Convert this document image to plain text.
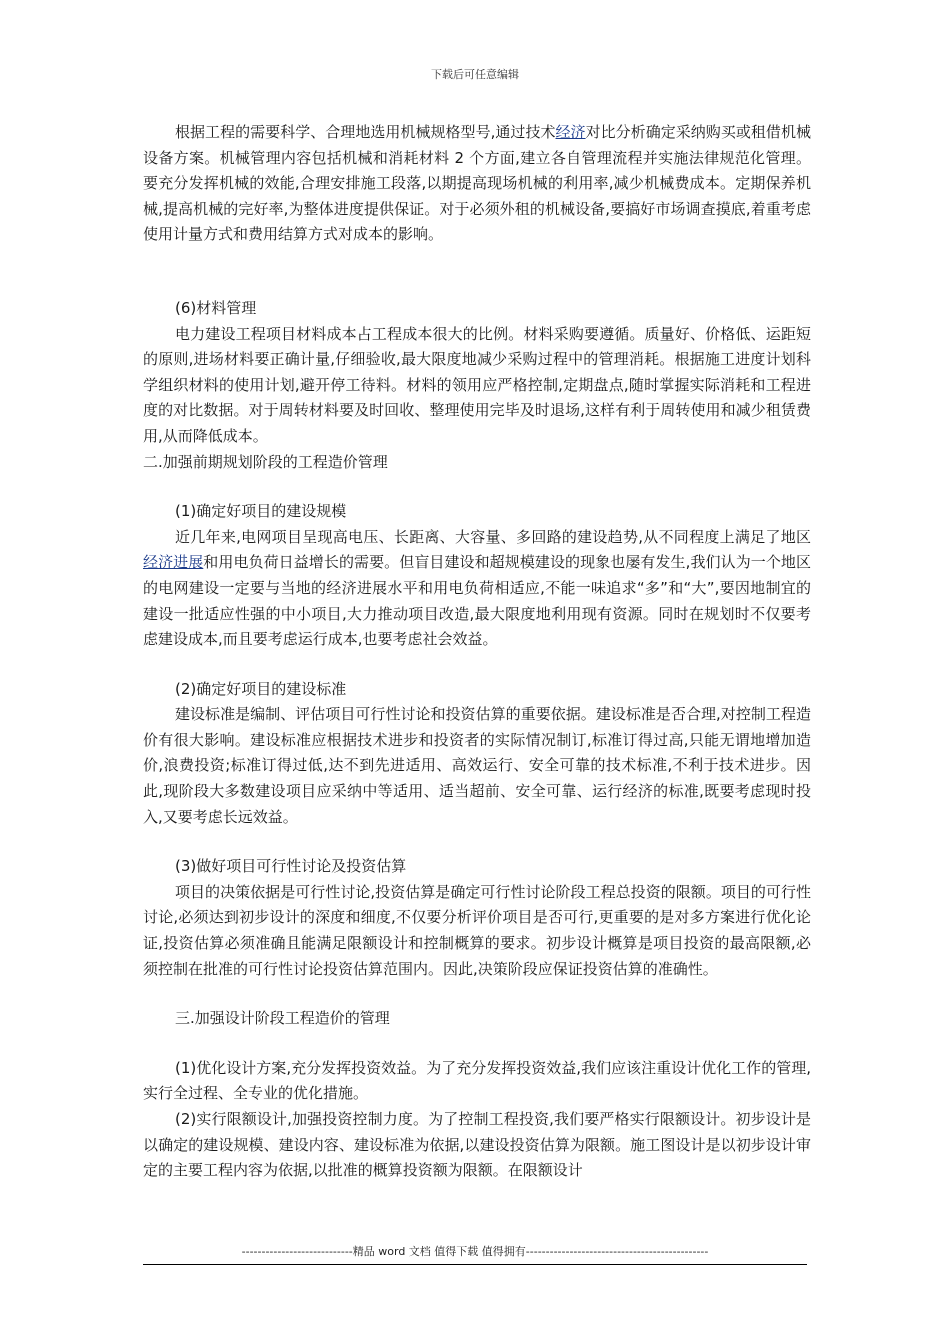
下载后可任意编辑

根据工程的需要科学、合理地选用机械规格型号,通过技术经济对比分析确定采纳购买或租借机械设备方案。机械管理内容包括机械和消耗材料 2 个方面,建立各自管理流程并实施法律规范化管理。要充分发挥机械的效能,合理安排施工段落,以期提高现场机械的利用率,减少机械费成本。定期保养机械,提高机械的完好率,为整体进度提供保证。对于必须外租的机械设备,要搞好市场调查摸底,着重考虑使用计量方式和费用结算方式对成本的影响。

(6)材料管理

电力建设工程项目材料成本占工程成本很大的比例。材料采购要遵循。质量好、价格低、运距短的原则,进场材料要正确计量,仔细验收,最大限度地减少采购过程中的管理消耗。根据施工进度计划科学组织材料的使用计划,避开停工待料。材料的领用应严格控制,定期盘点,随时掌握实际消耗和工程进度的对比数据。对于周转材料要及时回收、整理使用完毕及时退场,这样有利于周转使用和减少租赁费用,从而降低成本。

二.加强前期规划阶段的工程造价管理

(1)确定好项目的建设规模

近几年来,电网项目呈现高电压、长距离、大容量、多回路的建设趋势,从不同程度上满足了地区经济进展和用电负荷日益增长的需要。但盲目建设和超规模建设的现象也屡有发生,我们认为一个地区的电网建设一定要与当地的经济进展水平和用电负荷相适应,不能一味追求“多”和“大”,要因地制宜的建设一批适应性强的中小项目,大力推动项目改造,最大限度地利用现有资源。同时在规划时不仅要考虑建设成本,而且要考虑运行成本,也要考虑社会效益。

(2)确定好项目的建设标准

建设标准是编制、评估项目可行性讨论和投资估算的重要依据。建设标准是否合理,对控制工程造价有很大影响。建设标准应根据技术进步和投资者的实际情况制订,标准订得过高,只能无谓地增加造价,浪费投资;标准订得过低,达不到先进适用、高效运行、安全可靠的技术标准,不利于技术进步。因此,现阶段大多数建设项目应采纳中等适用、适当超前、安全可靠、运行经济的标准,既要考虑现时投入,又要考虑长远效益。

(3)做好项目可行性讨论及投资估算

项目的决策依据是可行性讨论,投资估算是确定可行性讨论阶段工程总投资的限额。项目的可行性讨论,必须达到初步设计的深度和细度,不仅要分析评价项目是否可行,更重要的是对多方案进行优化论证,投资估算必须准确且能满足限额设计和控制概算的要求。初步设计概算是项目投资的最高限额,必须控制在批准的可行性讨论投资估算范围内。因此,决策阶段应保证投资估算的准确性。

三.加强设计阶段工程造价的管理

(1)优化设计方案,充分发挥投资效益。为了充分发挥投资效益,我们应该注重设计优化工作的管理,实行全过程、全专业的优化措施。

(2)实行限额设计,加强投资控制力度。为了控制工程投资,我们要严格实行限额设计。初步设计是以确定的建设规模、建设内容、建设标准为依据,以建设投资估算为限额。施工图设计是以初步设计审定的主要工程内容为依据,以批准的概算投资额为限额。在限额设计

----------------------------精品 word 文档 值得下载 值得拥有----------------------------------------------
